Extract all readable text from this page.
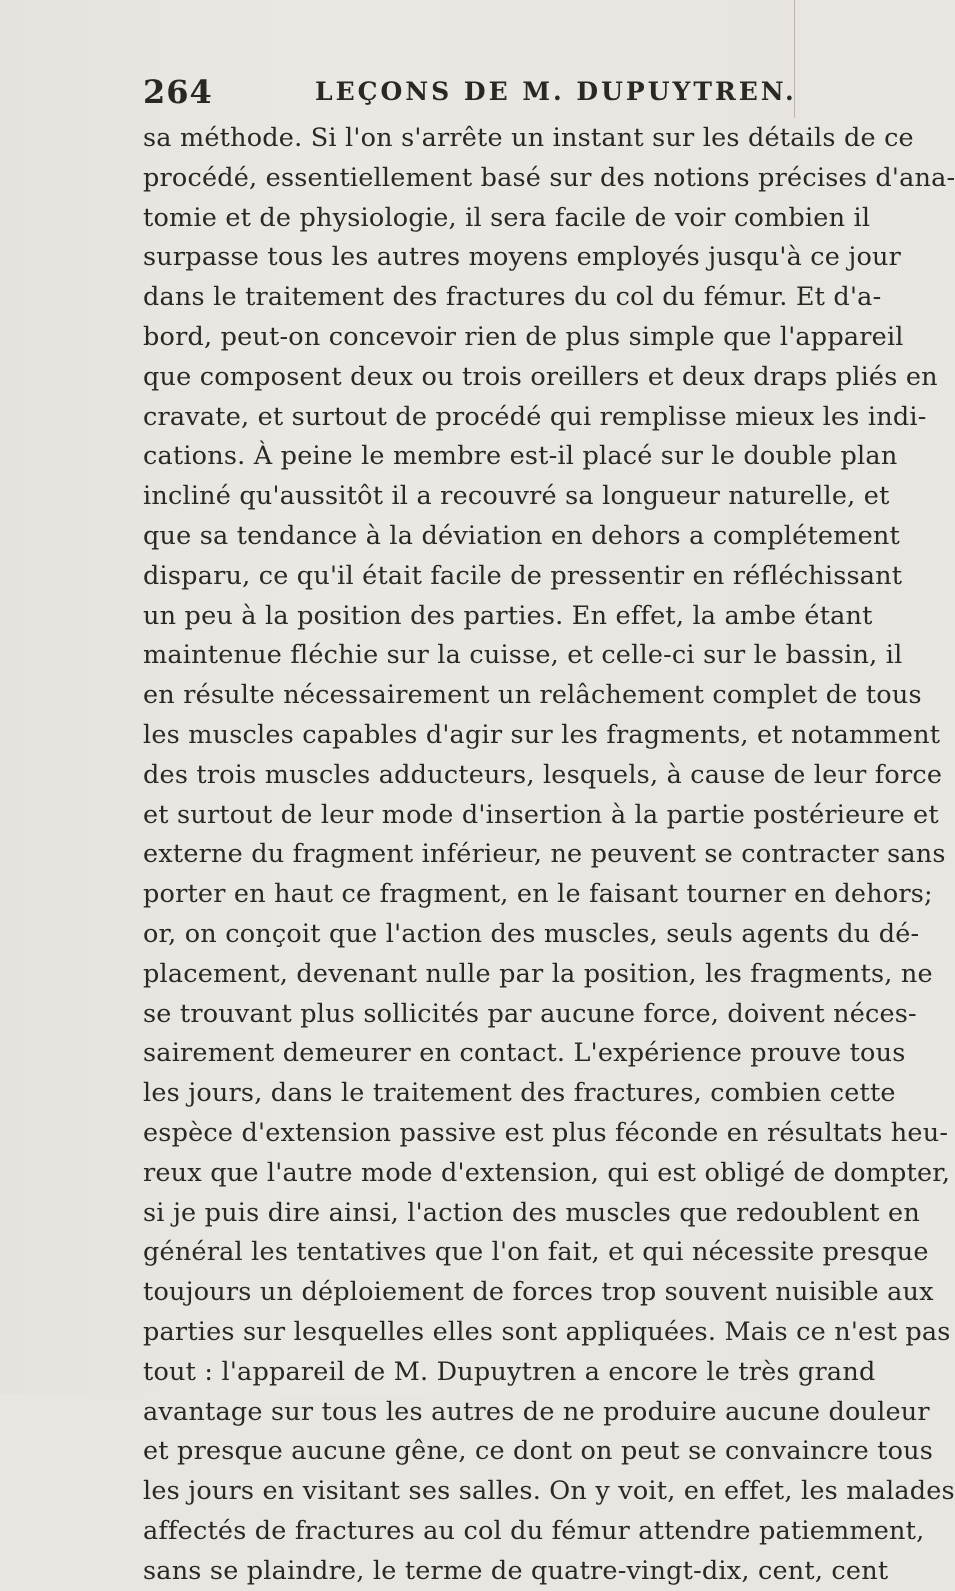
264	LEÇONS DE M. DUPUYTREN.
sa méthode. Si l'on s'arrête un instant sur les détails de ce
procédé, essentiellement basé sur des notions précises d'ana-
tomie et de physiologie, il sera facile de voir combien il
surpasse tous les autres moyens employés jusqu'à ce jour
dans le traitement des fractures du col du fémur. Et d'a-
bord, peut-on concevoir rien de plus simple que l'appareil
que composent deux ou trois oreillers et deux draps pliés en
cravate, et surtout de procédé qui remplisse mieux les indi-
cations. À peine le membre est-il placé sur le double plan
incliné qu'aussitôt il a recouvré sa longueur naturelle, et
que sa tendance à la déviation en dehors a complétement
disparu, ce qu'il était facile de pressentir en réfléchissant
un peu à la position des parties. En effet, la ambe étant
maintenue fléchie sur la cuisse, et celle-ci sur le bassin, il
en résulte nécessairement un relâchement complet de tous
les muscles capables d'agir sur les fragments, et notamment
des trois muscles adducteurs, lesquels, à cause de leur force
et surtout de leur mode d'insertion à la partie postérieure et
externe du fragment inférieur, ne peuvent se contracter sans
porter en haut ce fragment, en le faisant tourner en dehors;
or, on conçoit que l'action des muscles, seuls agents du dé-
placement, devenant nulle par la position, les fragments, ne
se trouvant plus sollicités par aucune force, doivent néces-
sairement demeurer en contact. L'expérience prouve tous
les jours, dans le traitement des fractures, combien cette
espèce d'extension passive est plus féconde en résultats heu-
reux que l'autre mode d'extension, qui est obligé de dompter,
si je puis dire ainsi, l'action des muscles que redoublent en
général les tentatives que l'on fait, et qui nécessite presque
toujours un déploiement de forces trop souvent nuisible aux
parties sur lesquelles elles sont appliquées. Mais ce n'est pas
tout : l'appareil de M. Dupuytren a encore le très grand
avantage sur tous les autres de ne produire aucune douleur
et presque aucune gêne, ce dont on peut se convaincre tous
les jours en visitant ses salles. On y voit, en effet, les malades
affectés de fractures au col du fémur attendre patiemment,
sans se plaindre, le terme de quatre-vingt-dix, cent, cent
